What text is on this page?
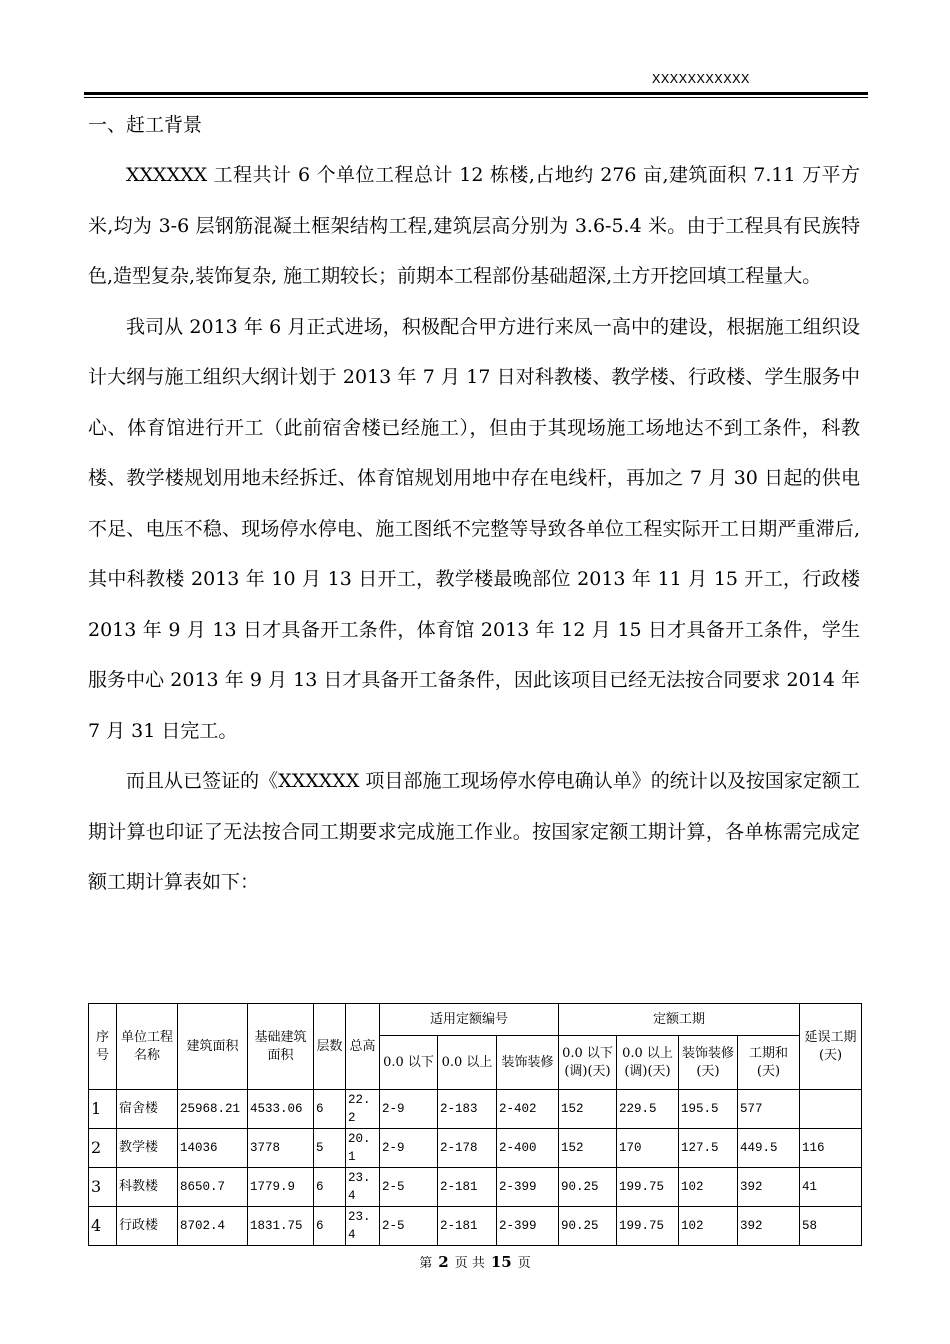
XXXXXXXXXXX
一、赶工背景

XXXXXX 工程共计 6 个单位工程总计 12 栋楼,占地约 276 亩,建筑面积 7.11 万平方米,均为 3-6 层钢筋混凝土框架结构工程,建筑层高分别为 3.6-5.4 米。由于工程具有民族特色,造型复杂,装饰复杂, 施工期较长；前期本工程部份基础超深,土方开挖回填工程量大。

我司从 2013 年 6 月正式进场，积极配合甲方进行来凤一高中的建设，根据施工组织设计大纲与施工组织大纲计划于 2013 年 7 月 17 日对科教楼、教学楼、行政楼、学生服务中心、体育馆进行开工（此前宿舍楼已经施工），但由于其现场施工场地达不到工条件，科教楼、教学楼规划用地未经拆迁、体育馆规划用地中存在电线杆，再加之 7 月 30 日起的供电不足、电压不稳、现场停水停电、施工图纸不完整等导致各单位工程实际开工日期严重滞后,其中科教楼 2013 年 10 月 13 日开工，教学楼最晚部位 2013 年 11 月 15 开工，行政楼 2013 年 9 月 13 日才具备开工条件，体育馆 2013 年 12 月 15 日才具备开工条件，学生服务中心 2013 年 9 月 13 日才具备开工备条件，因此该项目已经无法按合同要求 2014 年 7 月 31 日完工。

而且从已签证的《XXXXXX 项目部施工现场停水停电确认单》的统计以及按国家定额工期计算也印证了无法按合同工期要求完成施工作业。按国家定额工期计算，各单栋需完成定额工期计算表如下：

序号	单位工程名称	建筑面积	基础建筑面积	层数	总高	适用定额编号			定额工期				延误工期(天)
						0.0 以下	0.0 以上	装饰装修	0.0 以下(调)(天)	0.0 以上(调)(天)	装饰装修(天)	工期和(天)	
1	宿舍楼	25968.21	4533.06	6	22.2	2-9	2-183	2-402	152	229.5	195.5	577	
2	教学楼	14036	3778	5	20.1	2-9	2-178	2-400	152	170	127.5	449.5	116
3	科教楼	8650.7	1779.9	6	23.4	2-5	2-181	2-399	90.25	199.75	102	392	41
4	行政楼	8702.4	1831.75	6	23.4	2-5	2-181	2-399	90.25	199.75	102	392	58
第 2 页 共 15 页
